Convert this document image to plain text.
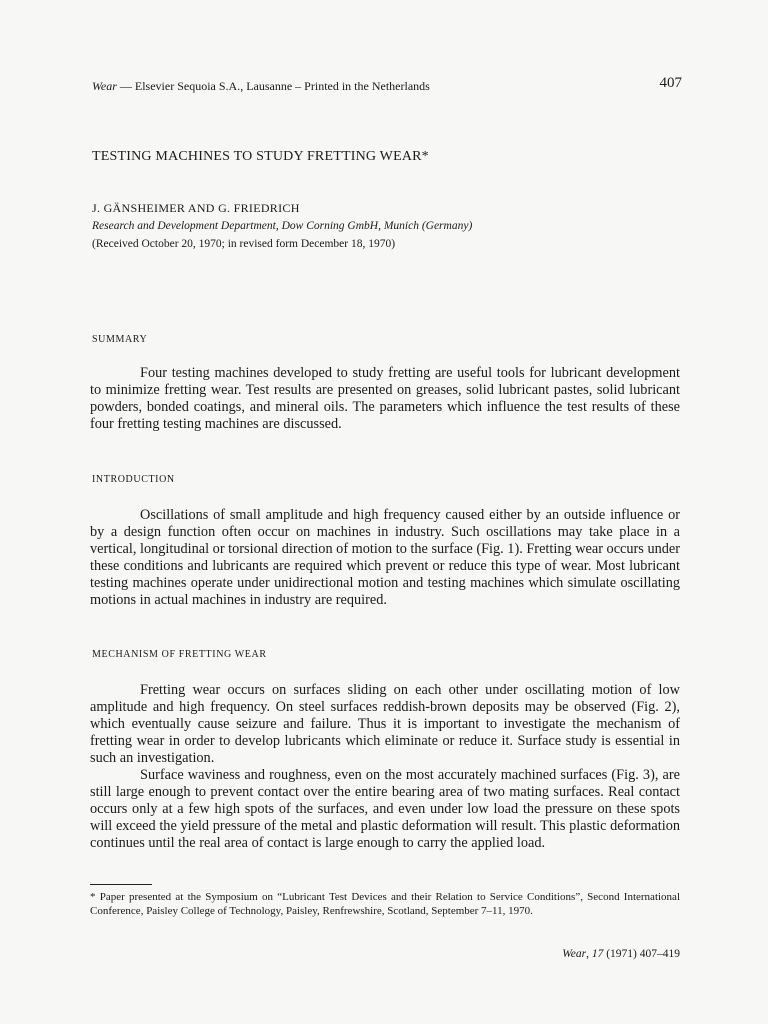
Wear — Elsevier Sequoia S.A., Lausanne – Printed in the Netherlands	407
TESTING MACHINES TO STUDY FRETTING WEAR*
J. GÄNSHEIMER AND G. FRIEDRICH
Research and Development Department, Dow Corning GmbH, Munich (Germany)
(Received October 20, 1970; in revised form December 18, 1970)
SUMMARY

Four testing machines developed to study fretting are useful tools for lubricant development to minimize fretting wear. Test results are presented on greases, solid lubricant pastes, solid lubricant powders, bonded coatings, and mineral oils. The parameters which influence the test results of these four fretting testing machines are discussed.

INTRODUCTION

Oscillations of small amplitude and high frequency caused either by an outside influence or by a design function often occur on machines in industry. Such oscillations may take place in a vertical, longitudinal or torsional direction of motion to the surface (Fig. 1). Fretting wear occurs under these conditions and lubricants are required which prevent or reduce this type of wear. Most lubricant testing machines operate under unidirectional motion and testing machines which simulate oscillating motions in actual machines in industry are required.

MECHANISM OF FRETTING WEAR

Fretting wear occurs on surfaces sliding on each other under oscillating motion of low amplitude and high frequency. On steel surfaces reddish-brown deposits may be observed (Fig. 2), which eventually cause seizure and failure. Thus it is important to investigate the mechanism of fretting wear in order to develop lubricants which eliminate or reduce it. Surface study is essential in such an investigation.

Surface waviness and roughness, even on the most accurately machined surfaces (Fig. 3), are still large enough to prevent contact over the entire bearing area of two mating surfaces. Real contact occurs only at a few high spots of the surfaces, and even under low load the pressure on these spots will exceed the yield pressure of the metal and plastic deformation will result. This plastic deformation continues until the real area of contact is large enough to carry the applied load.

* Paper presented at the Symposium on “Lubricant Test Devices and their Relation to Service Conditions”, Second International Conference, Paisley College of Technology, Paisley, Renfrewshire, Scotland, September 7–11, 1970.

Wear, 17 (1971) 407–419
